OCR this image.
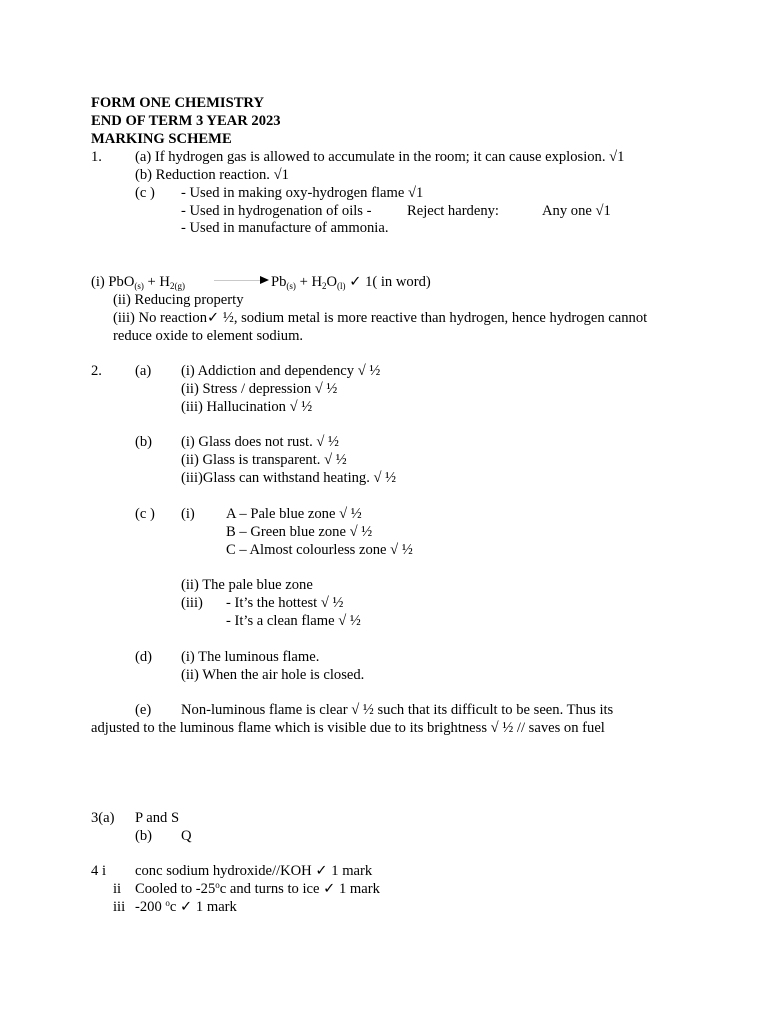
FORM ONE CHEMISTRY
END OF TERM 3 YEAR 2023
MARKING SCHEME
1. (a) If hydrogen gas is allowed to accumulate in the room; it can cause explosion. √1
(b) Reduction reaction. √1
(c ) - Used in making oxy-hydrogen flame √1
- Used in hydrogenation of oils - Reject hardeny:	Any one √1
- Used in manufacture of ammonia.
(i) $PbO_{(s)} + H_{2(g)}$	$Pb_{(s)} + H_2O_{(l)}$ ✓ 1( in word)
(ii) Reducing property
(iii) No reaction✓ ½, sodium metal is more reactive than hydrogen, hence hydrogen cannot
reduce oxide to element sodium.
2. (a) (i) Addiction and dependency √ ½
(ii) Stress / depression √ ½
(iii) Hallucination √ ½
(b) (i) Glass does not rust. √ ½
(ii) Glass is transparent. √ ½
(iii)Glass can withstand heating. √ ½
(c ) (i) A – Pale blue zone √ ½
B – Green blue zone √ ½
C – Almost colourless zone √ ½
(ii) The pale blue zone
(iii) - It’s the hottest √ ½
- It’s a clean flame √ ½
(d) (i) The luminous flame.
(ii) When the air hole is closed.
(e) Non-luminous flame is clear √ ½ such that its difficult to be seen. Thus its
adjusted to the luminous flame which is visible due to its brightness √ ½ // saves on fuel
3(a) P and S
(b) Q
4 i conc sodium hydroxide//KOH ✓ 1 mark
ii Cooled to -25$^o$c and turns to ice ✓ 1 mark
iii -200 $^o$c ✓ 1 mark
